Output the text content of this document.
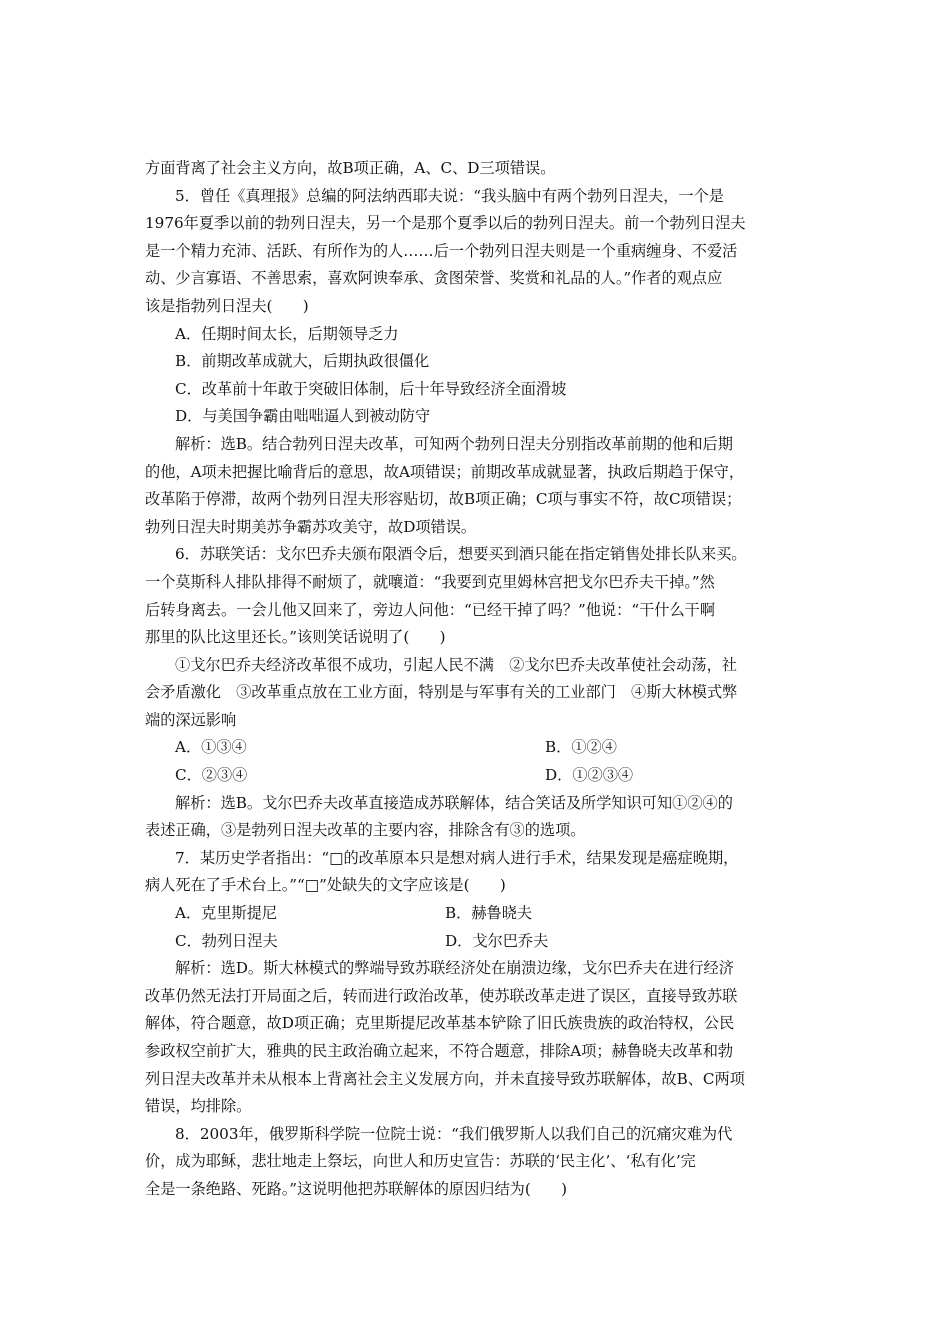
方面背离了社会主义方向，故B项正确，A、C、D三项错误。

5．曾任《真理报》总编的阿法纳西耶夫说：“我头脑中有两个勃列日涅夫，一个是
1976年夏季以前的勃列日涅夫，另一个是那个夏季以后的勃列日涅夫。前一个勃列日涅夫
是一个精力充沛、活跃、有所作为的人……后一个勃列日涅夫则是一个重病缠身、不爱活
动、少言寡语、不善思索，喜欢阿谀奉承、贪图荣誉、奖赏和礼品的人。”作者的观点应
该是指勃列日涅夫(　　)

A．任期时间太长，后期领导乏力

B．前期改革成就大，后期执政很僵化

C．改革前十年敢于突破旧体制，后十年导致经济全面滑坡

D．与美国争霸由咄咄逼人到被动防守

解析：选B。结合勃列日涅夫改革，可知两个勃列日涅夫分别指改革前期的他和后期
的他，A项未把握比喻背后的意思，故A项错误；前期改革成就显著，执政后期趋于保守，
改革陷于停滞，故两个勃列日涅夫形容贴切，故B项正确；C项与事实不符，故C项错误；
勃列日涅夫时期美苏争霸苏攻美守，故D项错误。

6．苏联笑话：戈尔巴乔夫颁布限酒令后，想要买到酒只能在指定销售处排长队来买。
一个莫斯科人排队排得不耐烦了，就嚷道：“我要到克里姆林宫把戈尔巴乔夫干掉。”然
后转身离去。一会儿他又回来了，旁边人问他：“已经干掉了吗？”他说：“干什么干啊
那里的队比这里还长。”该则笑话说明了(　　)

①戈尔巴乔夫经济改革很不成功，引起人民不满　②戈尔巴乔夫改革使社会动荡，社
会矛盾激化　③改革重点放在工业方面，特别是与军事有关的工业部门　④斯大林模式弊
端的深远影响

A．①③④	B．①②④
C．②③④	D．①②③④

解析：选B。戈尔巴乔夫改革直接造成苏联解体，结合笑话及所学知识可知①②④的
表述正确，③是勃列日涅夫改革的主要内容，排除含有③的选项。

7．某历史学者指出：“□的改革原本只是想对病人进行手术，结果发现是癌症晚期，
病人死在了手术台上。”“□”处缺失的文字应该是(　　)

A．克里斯提尼	B．赫鲁晓夫
C．勃列日涅夫	D．戈尔巴乔夫

解析：选D。斯大林模式的弊端导致苏联经济处在崩溃边缘，戈尔巴乔夫在进行经济
改革仍然无法打开局面之后，转而进行政治改革，使苏联改革走进了误区，直接导致苏联
解体，符合题意，故D项正确；克里斯提尼改革基本铲除了旧氏族贵族的政治特权，公民
参政权空前扩大，雅典的民主政治确立起来，不符合题意，排除A项；赫鲁晓夫改革和勃
列日涅夫改革并未从根本上背离社会主义发展方向，并未直接导致苏联解体，故B、C两项
错误，均排除。

8．2003年，俄罗斯科学院一位院士说：“我们俄罗斯人以我们自己的沉痛灾难为代
价，成为耶稣，悲壮地走上祭坛，向世人和历史宣告：苏联的‘民主化’、‘私有化’完
全是一条绝路、死路。”这说明他把苏联解体的原因归结为(　　)
